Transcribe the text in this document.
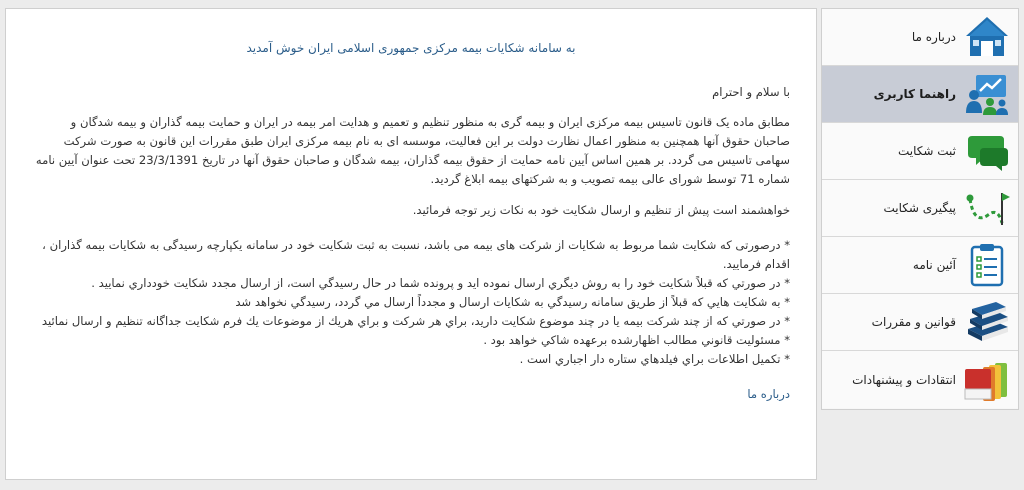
به سامانه شکایات بیمه مرکزی جمهوری اسلامی ایران خوش آمدید

با سلام و احترام

مطابق ماده یک قانون تاسیس بیمه مرکزی ایران و بیمه گری به منظور تنظیم و تعمیم و هدایت امر بیمه در ایران و حمایت بیمه گذاران و بیمه شدگان و صاحبان حقوق آنها همچنین به منظور اعمال نظارت دولت بر این فعالیت، موسسه ای به نام بیمه مرکزی ایران طبق مقررات این قانون به صورت شرکت سهامی تاسیس می گردد. بر همین اساس آیین نامه حمایت از حقوق بیمه گذاران، بیمه شدگان و صاحبان حقوق آنها در تاریخ 23/3/1391 تحت عنوان آیین نامه شماره 71 توسط شورای عالی بیمه تصویب و به شرکتهای بیمه ابلاغ گردید.

خواهشمند است پیش از تنظیم و ارسال شکایت خود به نکات زیر توجه فرمائید.

* درصورتی که شکایت شما مربوط به شکایات از شرکت های بیمه می باشد، نسبت به ثبت شکایت خود در سامانه یکپارچه رسیدگی به شکایات بیمه گذاران ، اقدام فرمایید.
* در صورتي كه قبلاً شكايت خود را به روش ديگري ارسال نموده ايد و پرونده شما در حال رسيدگي است، از ارسال مجدد شكايت خودداري نماييد .
* به شكايت هايي كه قبلاً از طريق سامانه رسيدگي به شكايات ارسال و مجدداً ارسال مي گردد، رسيدگي نخواهد شد
* در صورتي كه از چند شركت بيمه يا در چند موضوع شكايت داريد، براي هر شركت و براي هريك از موضوعات يك فرم شكايت جداگانه تنظيم و ارسال نمائيد
* مسئوليت قانوني مطالب اظهارشده برعهده شاكي خواهد بود .
* تكميل اطلاعات براي فيلدهاي ستاره دار اجباري است .
درباره ما
درباره ما
راهنما کاربری
ثبت شکایت
پیگیری شکایت
آئین نامه
قوانین و مقررات
انتقادات و پیشنهادات
